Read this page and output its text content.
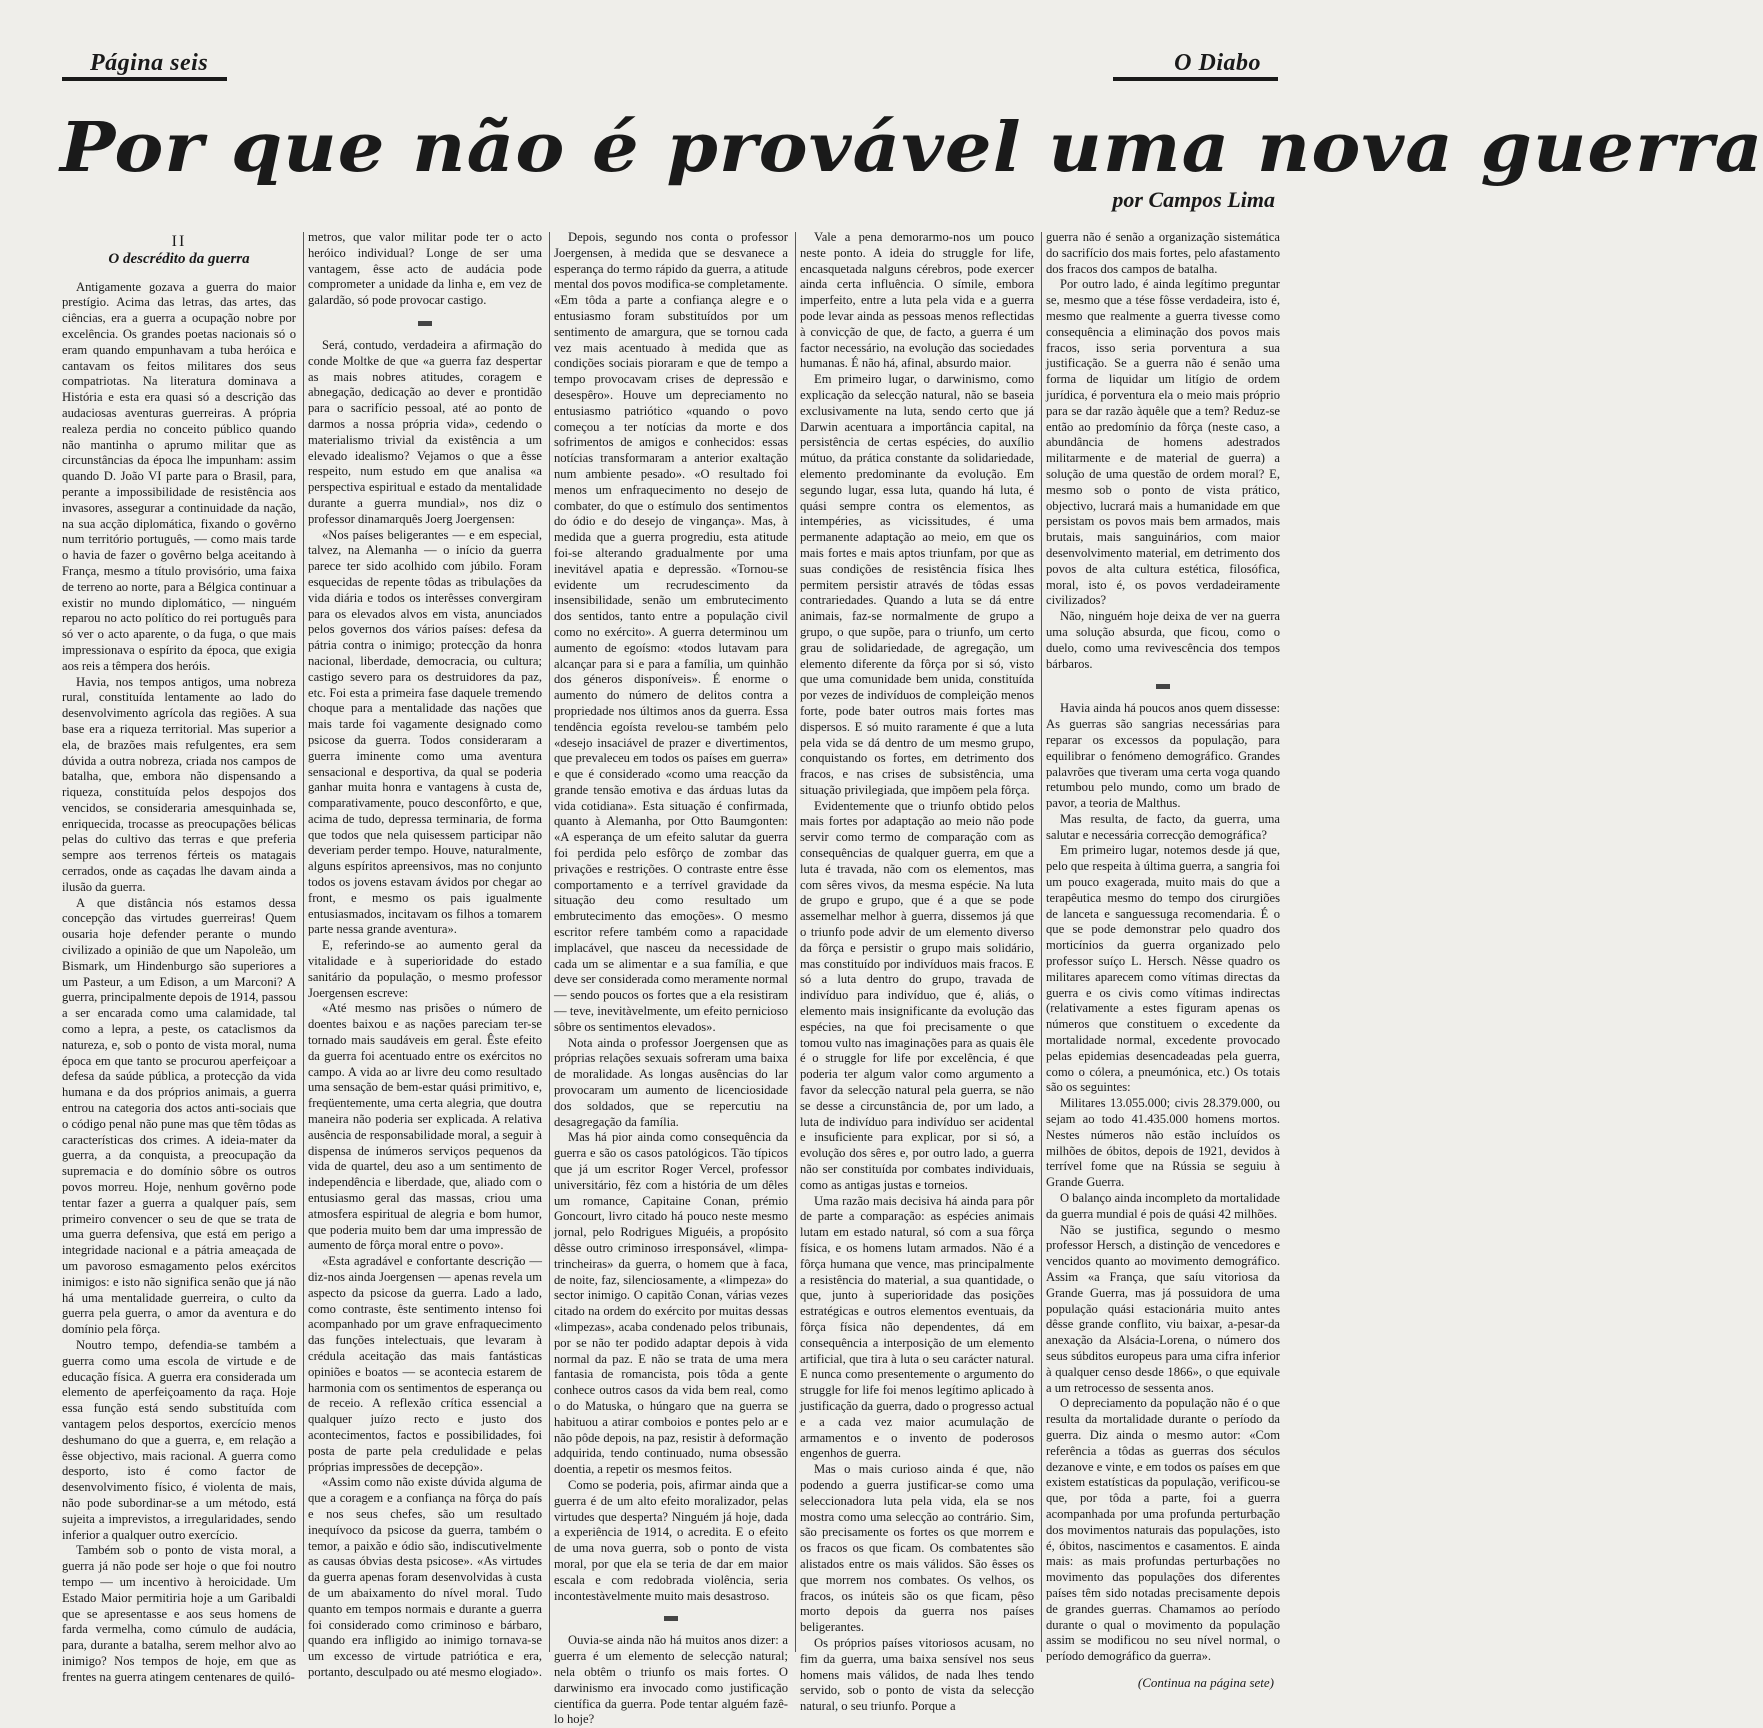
Página seis	O Diabo
Por que não é provável uma nova guerra
por Campos Lima
II
O descrédito da guerra

Antigamente gozava a guerra do maior prestígio. Acima das letras, das artes, das ciências, era a guerra a ocupação nobre por excelência. Os grandes poetas nacionais só o eram quando empunhavam a tuba heróica e cantavam os feitos militares dos seus compatriotas. Na literatura dominava a História e esta era quasi só a descrição das audaciosas aventuras guerreiras. A própria realeza perdia no conceito público quando não mantinha o aprumo militar que as circunstâncias da época lhe impunham: assim quando D. João VI parte para o Brasil, para, perante a impossibilidade de resistência aos invasores, assegurar a continuidade da nação, na sua acção diplomática, fixando o govêrno num território português, — como mais tarde o havia de fazer o govêrno belga aceitando à França, mesmo a título provisório, uma faixa de terreno ao norte, para a Bélgica continuar a existir no mundo diplomático, — ninguém reparou no acto político do rei português para só ver o acto aparente, o da fuga, o que mais impressionava o espírito da época, que exigia aos reis a têmpera dos heróis.

Havia, nos tempos antigos, uma nobreza rural, constituída lentamente ao lado do desenvolvimento agrícola das regiões. A sua base era a riqueza territorial. Mas superior a ela, de brazões mais refulgentes, era sem dúvida a outra nobreza, criada nos campos de batalha, que, embora não dispensando a riqueza, constituída pelos despojos dos vencidos, se consideraria amesquinhada se, enriquecida, trocasse as preocupações bélicas pelas do cultivo das terras e que preferia sempre aos terrenos férteis os matagais cerrados, onde as caçadas lhe davam ainda a ilusão da guerra.

A que distância nós estamos dessa concepção das virtudes guerreiras! Quem ousaria hoje defender perante o mundo civilizado a opinião de que um Napoleão, um Bismark, um Hindenburgo são superiores a um Pasteur, a um Edison, a um Marconi? A guerra, principalmente depois de 1914, passou a ser encarada como uma calamidade, tal como a lepra, a peste, os cataclismos da natureza, e, sob o ponto de vista moral, numa época em que tanto se procurou aperfeiçoar a defesa da saúde pública, a protecção da vida humana e da dos próprios animais, a guerra entrou na categoria dos actos anti-sociais que o código penal não pune mas que têm tôdas as características dos crimes. A ideia-mater da guerra, a da conquista, a preocupação da supremacia e do domínio sôbre os outros povos morreu. Hoje, nenhum govêrno pode tentar fazer a guerra a qualquer país, sem primeiro convencer o seu de que se trata de uma guerra defensiva, que está em perigo a integridade nacional e a pátria ameaçada de um pavoroso esmagamento pelos exércitos inimigos: e isto não significa senão que já não há uma mentalidade guerreira, o culto da guerra pela guerra, o amor da aventura e do domínio pela fôrça.

Noutro tempo, defendia-se também a guerra como uma escola de virtude e de educação física. A guerra era considerada um elemento de aperfeiçoamento da raça. Hoje essa função está sendo substituída com vantagem pelos desportos, exercício menos deshumano do que a guerra, e, em relação a êsse objectivo, mais racional. A guerra como desporto, isto é como factor de desenvolvimento físico, é violenta de mais, não pode subordinar-se a um método, está sujeita a imprevistos, a irregularidades, sendo inferior a qualquer outro exercício.

Também sob o ponto de vista moral, a guerra já não pode ser hoje o que foi noutro tempo — um incentivo à heroicidade. Um Estado Maior permitiria hoje a um Garibaldi que se apresentasse e aos seus homens de farda vermelha, como cúmulo de audácia, para, durante a batalha, serem melhor alvo ao inimigo? Nos tempos de hoje, em que as frentes na guerra atingem centenares de quiló-

metros, que valor militar pode ter o acto heróico individual? Longe de ser uma vantagem, êsse acto de audácia pode comprometer a unidade da linha e, em vez de galardão, só pode provocar castigo.

Será, contudo, verdadeira a afirmação do conde Moltke de que «a guerra faz despertar as mais nobres atitudes, coragem e abnegação, dedicação ao dever e prontidão para o sacrifício pessoal, até ao ponto de darmos a nossa própria vida», cedendo o materialismo trivial da existência a um elevado idealismo? Vejamos o que a êsse respeito, num estudo em que analisa «a perspectiva espiritual e estado da mentalidade durante a guerra mundial», nos diz o professor dinamarquês Joerg Joergensen:

«Nos países beligerantes — e em especial, talvez, na Alemanha — o início da guerra parece ter sido acolhido com júbilo. Foram esquecidas de repente tôdas as tribulações da vida diária e todos os interêsses convergiram para os elevados alvos em vista, anunciados pelos governos dos vários países: defesa da pátria contra o inimigo; protecção da honra nacional, liberdade, democracia, ou cultura; castigo severo para os destruidores da paz, etc. Foi esta a primeira fase daquele tremendo choque para a mentalidade das nações que mais tarde foi vagamente designado como psicose da guerra. Todos consideraram a guerra iminente como uma aventura sensacional e desportiva, da qual se poderia ganhar muita honra e vantagens à custa de, comparativamente, pouco desconfôrto, e que, acima de tudo, depressa terminaria, de forma que todos que nela quisessem participar não deveriam perder tempo. Houve, naturalmente, alguns espíritos apreensivos, mas no conjunto todos os jovens estavam ávidos por chegar ao front, e mesmo os pais igualmente entusiasmados, incitavam os filhos a tomarem parte nessa grande aventura».

E, referindo-se ao aumento geral da vitalidade e à superioridade do estado sanitário da população, o mesmo professor Joergensen escreve:

«Até mesmo nas prisões o número de doentes baixou e as nações pareciam ter-se tornado mais saudáveis em geral. Êste efeito da guerra foi acentuado entre os exércitos no campo. A vida ao ar livre deu como resultado uma sensação de bem-estar quási primitivo, e, freqüentemente, uma certa alegria, que doutra maneira não poderia ser explicada. A relativa ausência de responsabilidade moral, a seguir à dispensa de inúmeros serviços pequenos da vida de quartel, deu aso a um sentimento de independência e liberdade, que, aliado com o entusiasmo geral das massas, criou uma atmosfera espiritual de alegria e bom humor, que poderia muito bem dar uma impressão de aumento de fôrça moral entre o povo».

«Esta agradável e confortante descrição — diz-nos ainda Joergensen — apenas revela um aspecto da psicose da guerra. Lado a lado, como contraste, êste sentimento intenso foi acompanhado por um grave enfraquecimento das funções intelectuais, que levaram à crédula aceitação das mais fantásticas opiniões e boatos — se acontecia estarem de harmonia com os sentimentos de esperança ou de receio. A reflexão crítica essencial a qualquer juízo recto e justo dos acontecimentos, factos e possibilidades, foi posta de parte pela credulidade e pelas próprias impressões de decepção».

«Assim como não existe dúvida alguma de que a coragem e a confiança na fôrça do país e nos seus chefes, são um resultado inequívoco da psicose da guerra, também o temor, a paixão e ódio são, indiscutivelmente as causas óbvias desta psicose». «As virtudes da guerra apenas foram desenvolvidas à custa de um abaixamento do nível moral. Tudo quanto em tempos normais e durante a guerra foi considerado como criminoso e bárbaro, quando era infligido ao inimigo tornava-se um excesso de virtude patriótica e era, portanto, desculpado ou até mesmo elogiado».

Depois, segundo nos conta o professor Joergensen, à medida que se desvanece a esperança do termo rápido da guerra, a atitude mental dos povos modifica-se completamente. «Em tôda a parte a confiança alegre e o entusiasmo foram substituídos por um sentimento de amargura, que se tornou cada vez mais acentuado à medida que as condições sociais pioraram e que de tempo a tempo provocavam crises de depressão e desespêro». Houve um depreciamento no entusiasmo patriótico «quando o povo começou a ter notícias da morte e dos sofrimentos de amigos e conhecidos: essas notícias transformaram a anterior exaltação num ambiente pesado». «O resultado foi menos um enfraquecimento no desejo de combater, do que o estímulo dos sentimentos do ódio e do desejo de vingança». Mas, à medida que a guerra progrediu, esta atitude foi-se alterando gradualmente por uma inevitável apatia e depressão. «Tornou-se evidente um recrudescimento da insensibilidade, senão um embrutecimento dos sentidos, tanto entre a população civil como no exército». A guerra determinou um aumento de egoísmo: «todos lutavam para alcançar para si e para a família, um quinhão dos géneros disponíveis». É enorme o aumento do número de delitos contra a propriedade nos últimos anos da guerra. Essa tendência egoísta revelou-se também pelo «desejo insaciável de prazer e divertimentos, que prevaleceu em todos os países em guerra» e que é considerado «como uma reacção da grande tensão emotiva e das árduas lutas da vida cotidiana». Esta situação é confirmada, quanto à Alemanha, por Otto Baumgonten: «A esperança de um efeito salutar da guerra foi perdida pelo esfôrço de zombar das privações e restrições. O contraste entre êsse comportamento e a terrível gravidade da situação deu como resultado um embrutecimento das emoções». O mesmo escritor refere também como a rapacidade implacável, que nasceu da necessidade de cada um se alimentar e a sua família, e que deve ser considerada como meramente normal — sendo poucos os fortes que a ela resistiram — teve, inevitàvelmente, um efeito pernicioso sôbre os sentimentos elevados».

Nota ainda o professor Joergensen que as próprias relações sexuais sofreram uma baixa de moralidade. As longas ausências do lar provocaram um aumento de licenciosidade dos soldados, que se repercutiu na desagregação da família.

Mas há pior ainda como consequência da guerra e são os casos patológicos. Tão típicos que já um escritor Roger Vercel, professor universitário, fêz com a história de um dêles um romance, Capitaine Conan, prémio Goncourt, livro citado há pouco neste mesmo jornal, pelo Rodrigues Miguéis, a propósito dêsse outro criminoso irresponsável, «limpa-trincheiras» da guerra, o homem que à faca, de noite, faz, silenciosamente, a «limpeza» do sector inimigo. O capitão Conan, várias vezes citado na ordem do exército por muitas dessas «limpezas», acaba condenado pelos tribunais, por se não ter podido adaptar depois à vida normal da paz. E não se trata de uma mera fantasia de romancista, pois tôda a gente conhece outros casos da vida bem real, como o do Matuska, o húngaro que na guerra se habituou a atirar comboios e pontes pelo ar e não pôde depois, na paz, resistir à deformação adquirida, tendo continuado, numa obsessão doentia, a repetir os mesmos feitos.

Como se poderia, pois, afirmar ainda que a guerra é de um alto efeito moralizador, pelas virtudes que desperta? Ninguém já hoje, dada a experiência de 1914, o acredita. E o efeito de uma nova guerra, sob o ponto de vista moral, por que ela se teria de dar em maior escala e com redobrada violência, seria incontestàvelmente muito mais desastroso.

Ouvia-se ainda não há muitos anos dizer: a guerra é um elemento de selecção natural; nela obtêm o triunfo os mais fortes. O darwinismo era invocado como justificação científica da guerra. Pode tentar alguém fazê-lo hoje?

Vale a pena demorarmo-nos um pouco neste ponto. A ideia do struggle for life, encasquetada nalguns cérebros, pode exercer ainda certa influência. O símile, embora imperfeito, entre a luta pela vida e a guerra pode levar ainda as pessoas menos reflectidas à convicção de que, de facto, a guerra é um factor necessário, na evolução das sociedades humanas. É não há, afinal, absurdo maior.

Em primeiro lugar, o darwinismo, como explicação da selecção natural, não se baseia exclusivamente na luta, sendo certo que já Darwin acentuara a importância capital, na persistência de certas espécies, do auxílio mútuo, da prática constante da solidariedade, elemento predominante da evolução. Em segundo lugar, essa luta, quando há luta, é quási sempre contra os elementos, as intempéries, as vicissitudes, é uma permanente adaptação ao meio, em que os mais fortes e mais aptos triunfam, por que as suas condições de resistência física lhes permitem persistir através de tôdas essas contrariedades. Quando a luta se dá entre animais, faz-se normalmente de grupo a grupo, o que supõe, para o triunfo, um certo grau de solidariedade, de agregação, um elemento diferente da fôrça por si só, visto que uma comunidade bem unida, constituída por vezes de indivíduos de compleição menos forte, pode bater outros mais fortes mas dispersos. E só muito raramente é que a luta pela vida se dá dentro de um mesmo grupo, conquistando os fortes, em detrimento dos fracos, e nas crises de subsistência, uma situação privilegiada, que impõem pela fôrça.

Evidentemente que o triunfo obtido pelos mais fortes por adaptação ao meio não pode servir como termo de comparação com as consequências de qualquer guerra, em que a luta é travada, não com os elementos, mas com sêres vivos, da mesma espécie. Na luta de grupo e grupo, que é a que se pode assemelhar melhor à guerra, dissemos já que o triunfo pode advir de um elemento diverso da fôrça e persistir o grupo mais solidário, mas constituído por indivíduos mais fracos. E só a luta dentro do grupo, travada de indivíduo para indivíduo, que é, aliás, o elemento mais insignificante da evolução das espécies, na que foi precisamente o que tomou vulto nas imaginações para as quais êle é o struggle for life por excelência, é que poderia ter algum valor como argumento a favor da selecção natural pela guerra, se não se desse a circunstância de, por um lado, a luta de indivíduo para indivíduo ser acidental e insuficiente para explicar, por si só, a evolução dos sêres e, por outro lado, a guerra não ser constituída por combates individuais, como as antigas justas e torneios.

Uma razão mais decisiva há ainda para pôr de parte a comparação: as espécies animais lutam em estado natural, só com a sua fôrça física, e os homens lutam armados. Não é a fôrça humana que vence, mas principalmente a resistência do material, a sua quantidade, o que, junto à superioridade das posições estratégicas e outros elementos eventuais, da fôrça física não dependentes, dá em consequência a interposição de um elemento artificial, que tira à luta o seu carácter natural. E nunca como presentemente o argumento do struggle for life foi menos legítimo aplicado à justificação da guerra, dado o progresso actual e a cada vez maior acumulação de armamentos e o invento de poderosos engenhos de guerra.

Mas o mais curioso ainda é que, não podendo a guerra justificar-se como uma seleccionadora luta pela vida, ela se nos mostra como uma selecção ao contrário. Sim, são precisamente os fortes os que morrem e os fracos os que ficam. Os combatentes são alistados entre os mais válidos. São êsses os que morrem nos combates. Os velhos, os fracos, os inúteis são os que ficam, pêso morto depois da guerra nos países beligerantes.

Os próprios países vitoriosos acusam, no fim da guerra, uma baixa sensível nos seus homens mais válidos, de nada lhes tendo servido, sob o ponto de vista da selecção natural, o seu triunfo. Porque a

guerra não é senão a organização sistemática do sacrifício dos mais fortes, pelo afastamento dos fracos dos campos de batalha.

Por outro lado, é ainda legítimo preguntar se, mesmo que a tése fôsse verdadeira, isto é, mesmo que realmente a guerra tivesse como consequência a eliminação dos povos mais fracos, isso seria porventura a sua justificação. Se a guerra não é senão uma forma de liquidar um litígio de ordem jurídica, é porventura ela o meio mais próprio para se dar razão àquêle que a tem? Reduz-se então ao predomínio da fôrça (neste caso, a abundância de homens adestrados militarmente e de material de guerra) a solução de uma questão de ordem moral? E, mesmo sob o ponto de vista prático, objectivo, lucrará mais a humanidade em que persistam os povos mais bem armados, mais brutais, mais sanguinários, com maior desenvolvimento material, em detrimento dos povos de alta cultura estética, filosófica, moral, isto é, os povos verdadeiramente civilizados?

Não, ninguém hoje deixa de ver na guerra uma solução absurda, que ficou, como o duelo, como uma revivescência dos tempos bárbaros.

Havia ainda há poucos anos quem dissesse: As guerras são sangrias necessárias para reparar os excessos da população, para equilibrar o fenómeno demográfico. Grandes palavrões que tiveram uma certa voga quando retumbou pelo mundo, como um brado de pavor, a teoria de Malthus.

Mas resulta, de facto, da guerra, uma salutar e necessária correcção demográfica?

Em primeiro lugar, notemos desde já que, pelo que respeita à última guerra, a sangria foi um pouco exagerada, muito mais do que a terapêutica mesmo do tempo dos cirurgiões de lanceta e sanguessuga recomendaria. É o que se pode demonstrar pelo quadro dos morticínios da guerra organizado pelo professor suíço L. Hersch. Nêsse quadro os militares aparecem como vítimas directas da guerra e os civis como vítimas indirectas (relativamente a estes figuram apenas os números que constituem o excedente da mortalidade normal, excedente provocado pelas epidemias desencadeadas pela guerra, como o cólera, a pneumónica, etc.) Os totais são os seguintes:

Militares 13.055.000; civis 28.379.000, ou sejam ao todo 41.435.000 homens mortos. Nestes números não estão incluídos os milhões de óbitos, depois de 1921, devidos à terrível fome que na Rússia se seguiu à Grande Guerra.

O balanço ainda incompleto da mortalidade da guerra mundial é pois de quási 42 milhões.

Não se justifica, segundo o mesmo professor Hersch, a distinção de vencedores e vencidos quanto ao movimento demográfico. Assim «a França, que saíu vitoriosa da Grande Guerra, mas já possuidora de uma população quási estacionária muito antes dêsse grande conflito, viu baixar, a-pesar-da anexação da Alsácia-Lorena, o número dos seus súbditos europeus para uma cifra inferior à qualquer censo desde 1866», o que equivale a um retrocesso de sessenta anos.

O depreciamento da população não é o que resulta da mortalidade durante o período da guerra. Diz ainda o mesmo autor: «Com referência a tôdas as guerras dos séculos dezanove e vinte, e em todos os países em que existem estatísticas da população, verificou-se que, por tôda a parte, foi a guerra acompanhada por uma profunda perturbação dos movimentos naturais das populações, isto é, óbitos, nascimentos e casamentos. E ainda mais: as mais profundas perturbações no movimento das populações dos diferentes países têm sido notadas precisamente depois de grandes guerras. Chamamos ao período durante o qual o movimento da população assim se modificou no seu nível normal, o período demográfico da guerra».

(Continua na página sete)
